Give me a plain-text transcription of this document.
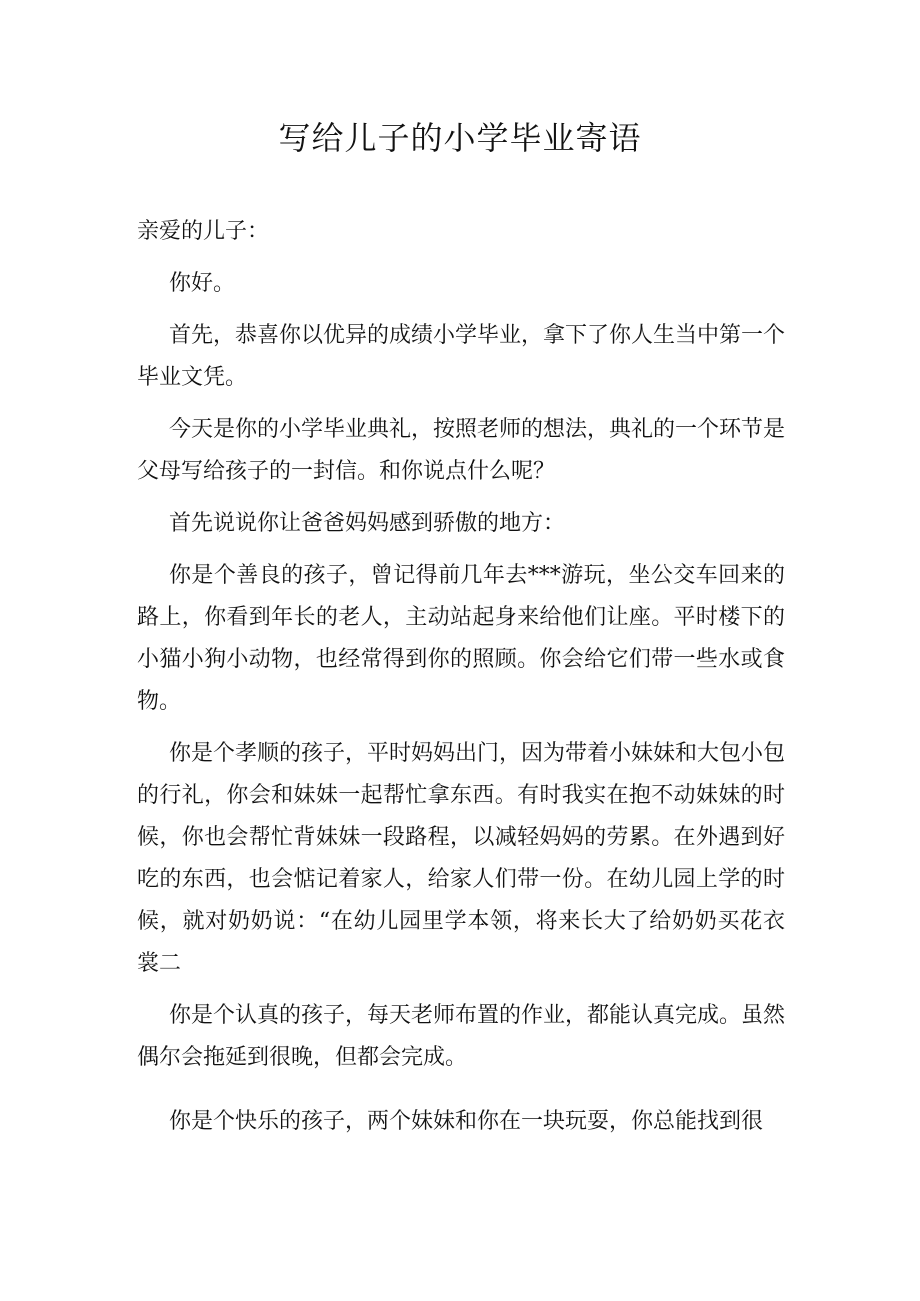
写给儿子的小学毕业寄语

亲爱的儿子：

你好。

首先，恭喜你以优异的成绩小学毕业，拿下了你人生当中第一个毕业文凭。

今天是你的小学毕业典礼，按照老师的想法，典礼的一个环节是父母写给孩子的一封信。和你说点什么呢？

首先说说你让爸爸妈妈感到骄傲的地方：

你是个善良的孩子，曾记得前几年去***游玩，坐公交车回来的路上，你看到年长的老人，主动站起身来给他们让座。平时楼下的小猫小狗小动物，也经常得到你的照顾。你会给它们带一些水或食物。

你是个孝顺的孩子，平时妈妈出门，因为带着小妹妹和大包小包的行礼，你会和妹妹一起帮忙拿东西。有时我实在抱不动妹妹的时候，你也会帮忙背妹妹一段路程，以减轻妈妈的劳累。在外遇到好吃的东西，也会惦记着家人，给家人们带一份。在幼儿园上学的时候，就对奶奶说：“在幼儿园里学本领，将来长大了给奶奶买花衣裳二

你是个认真的孩子，每天老师布置的作业，都能认真完成。虽然偶尔会拖延到很晚，但都会完成。

你是个快乐的孩子，两个妹妹和你在一块玩耍，你总能找到很
